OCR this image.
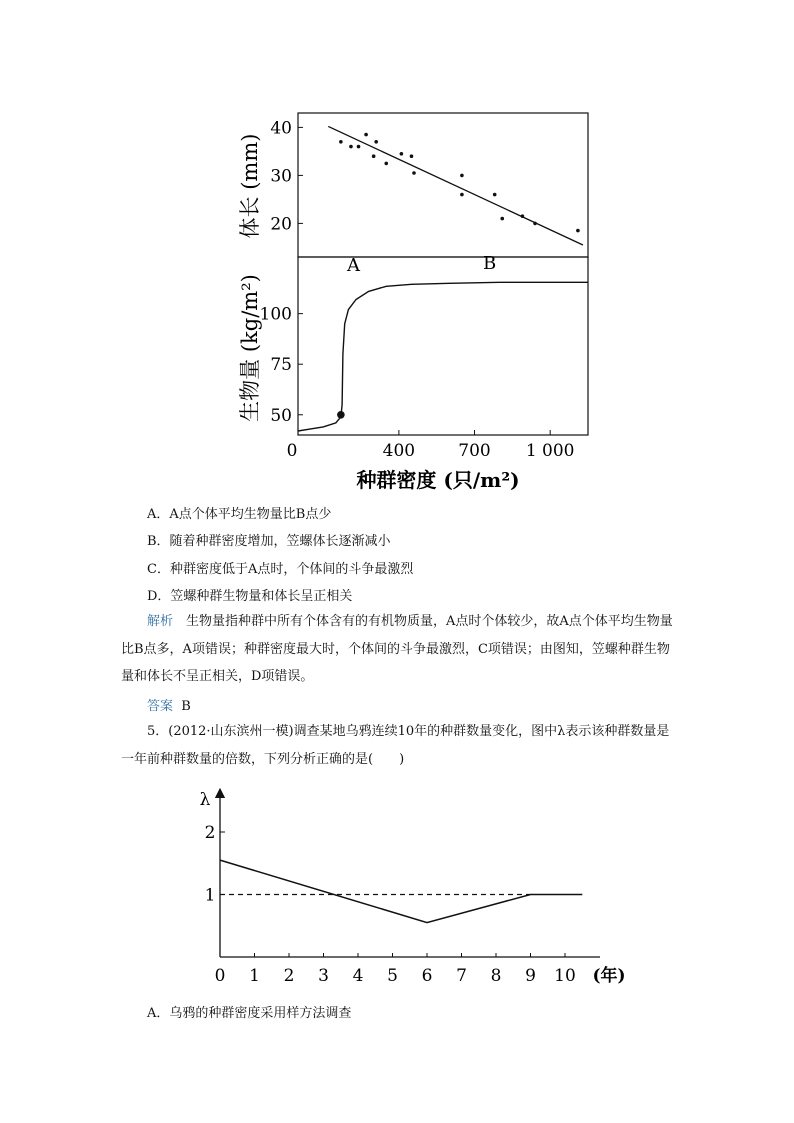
40
30
20
50
75
100
0	400	700 1 000
A	B
体长 (mm)
生物量 (kg/m²)
种群密度 (只/m²)
A．A点个体平均生物量比B点少
B．随着种群密度增加，笠螺体长逐渐减小
C．种群密度低于A点时，个体间的斗争最激烈
D．笠螺种群生物量和体长呈正相关
解析　生物量指种群中所有个体含有的有机物质量，A点时个体较少，故A点个体平均生物量比B点多，A项错误；种群密度最大时，个体间的斗争最激烈，C项错误；由图知，笠螺种群生物量和体长不呈正相关，D项错误。
答案 B
5．(2012·山东滨州一模)调查某地乌鸦连续10年的种群数量变化，图中λ表示该种群数量是一年前种群数量的倍数，下列分析正确的是(　　)
λ
0 1 2 3 4 5 6 7 8 9 10 (年)
1
2
A．乌鸦的种群密度采用样方法调查
